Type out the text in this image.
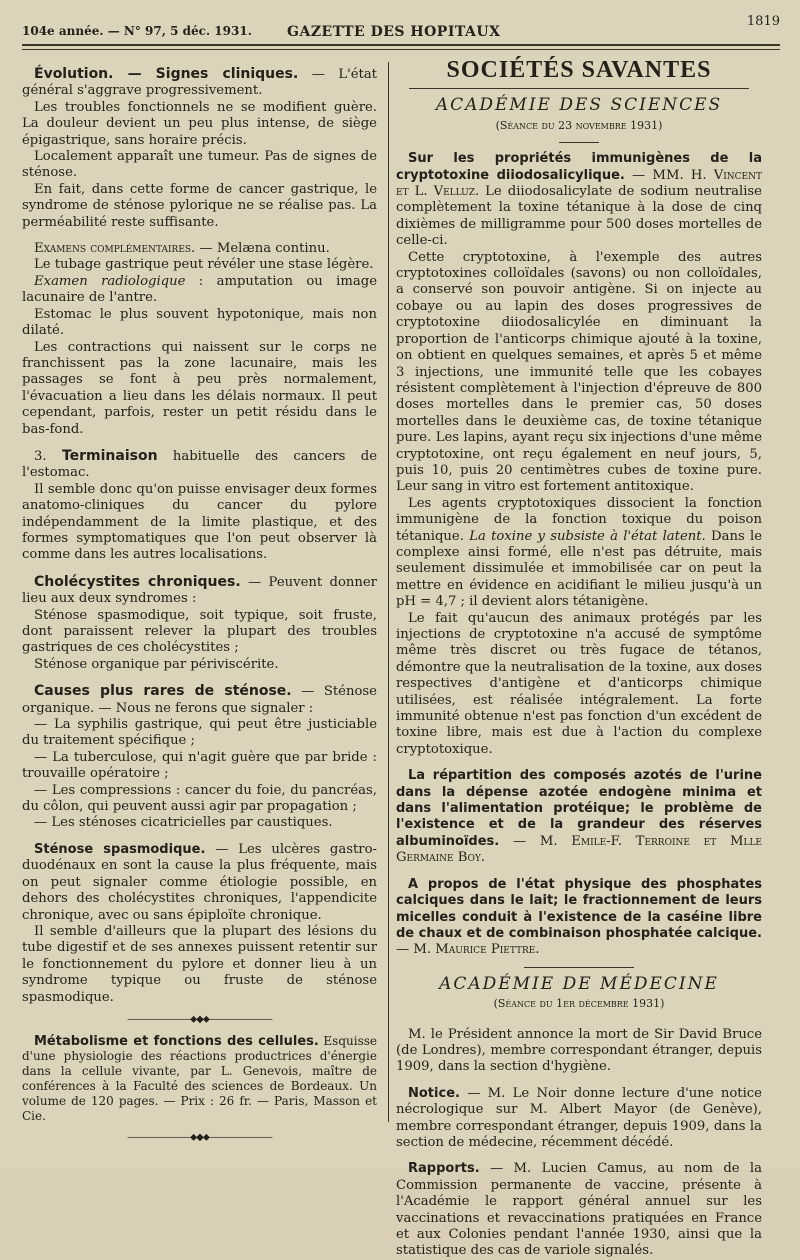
104e année. — N° 97, 5 déc. 1931.	GAZETTE DES HOPITAUX
1819

Évolution. — Signes cliniques. — L'état général s'aggrave progressivement.

Les troubles fonctionnels ne se modifient guère. La douleur devient un peu plus intense, de siège épigastrique, sans horaire précis.

Localement apparaît une tumeur. Pas de signes de sténose.

En fait, dans cette forme de cancer gastrique, le syndrome de sténose pylorique ne se réalise pas. La perméabilité reste suffisante.

Examens complémentaires. — Melæna continu.

Le tubage gastrique peut révéler une stase légère.

Examen radiologique : amputation ou image lacunaire de l'antre.

Estomac le plus souvent hypotonique, mais non dilaté.

Les contractions qui naissent sur le corps ne franchissent pas la zone lacunaire, mais les passages se font à peu près normalement, l'évacuation a lieu dans les délais normaux. Il peut cependant, parfois, rester un petit résidu dans le bas-fond.

3. Terminaison habituelle des cancers de l'estomac.

Il semble donc qu'on puisse envisager deux formes anatomo-cliniques du cancer du pylore indépendamment de la limite plastique, et des formes symptomatiques que l'on peut observer là comme dans les autres localisations.

Cholécystites chroniques. — Peuvent donner lieu aux deux syndromes :

Sténose spasmodique, soit typique, soit fruste, dont paraissent relever la plupart des troubles gastriques de ces cholécystites ;

Sténose organique par périviscérite.

Causes plus rares de sténose. — Sténose organique. — Nous ne ferons que signaler :

— La syphilis gastrique, qui peut être justiciable du traitement spécifique ;

— La tuberculose, qui n'agit guère que par bride : trouvaille opératoire ;

— Les compressions : cancer du foie, du pancréas, du côlon, qui peuvent aussi agir par propagation ;

— Les sténoses cicatricielles par caustiques.

Sténose spasmodique. — Les ulcères gastro-duodénaux en sont la cause la plus fréquente, mais on peut signaler comme étiologie possible, en dehors des cholécystites chroniques, l'appendicite chronique, avec ou sans épiploïte chronique.

Il semble d'ailleurs que la plupart des lésions du tube digestif et de ses annexes puissent retentir sur le fonctionnement du pylore et donner lieu à un syndrome typique ou fruste de sténose spasmodique.

———————⬥◆⬥———————

Métabolisme et fonctions des cellules. Esquisse d'une physiologie des réactions productrices d'énergie dans la cellule vivante, par L. Genevois, maître de conférences à la Faculté des sciences de Bordeaux. Un volume de 120 pages. — Prix : 26 fr. — Paris, Masson et Cie.

———————⬥◆⬥———————
SOCIÉTÉS SAVANTES
ACADÉMIE DES SCIENCES
(Séance du 23 novembre 1931)

Sur les propriétés immunigènes de la cryptotoxine diiodosalicylique. — MM. H. Vincent et L. Velluz. Le diiodosalicylate de sodium neutralise complètement la toxine tétanique à la dose de cinq dixièmes de milligramme pour 500 doses mortelles de celle-ci.

Cette cryptotoxine, à l'exemple des autres cryptotoxines colloïdales (savons) ou non colloïdales, a conservé son pouvoir antigène. Si on injecte au cobaye ou au lapin des doses progressives de cryptotoxine diiodosalicylée en diminuant la proportion de l'anticorps chimique ajouté à la toxine, on obtient en quelques semaines, et après 5 et même 3 injections, une immunité telle que les cobayes résistent complètement à l'injection d'épreuve de 800 doses mortelles dans le premier cas, 50 doses mortelles dans le deuxième cas, de toxine tétanique pure. Les lapins, ayant reçu six injections d'une même cryptotoxine, ont reçu également en neuf jours, 5, puis 10, puis 20 centimètres cubes de toxine pure. Leur sang in vitro est fortement antitoxique.

Les agents cryptotoxiques dissocient la fonction immunigène de la fonction toxique du poison tétanique. La toxine y subsiste à l'état latent. Dans le complexe ainsi formé, elle n'est pas détruite, mais seulement dissimulée et immobilisée car on peut la mettre en évidence en acidifiant le milieu jusqu'à un pH = 4,7 ; il devient alors tétanigène.

Le fait qu'aucun des animaux protégés par les injections de cryptotoxine n'a accusé de symptôme même très discret ou très fugace de tétanos, démontre que la neutralisation de la toxine, aux doses respectives d'antigène et d'anticorps chimique utilisées, est réalisée intégralement. La forte immunité obtenue n'est pas fonction d'un excédent de toxine libre, mais est due à l'action du complexe cryptotoxique.

La répartition des composés azotés de l'urine dans la dépense azotée endogène minima et dans l'alimentation protéique; le problème de l'existence et de la grandeur des réserves albuminoïdes. — M. Emile-F. Terroine et Mlle Germaine Boy.

A propos de l'état physique des phosphates calciques dans le lait; le fractionnement de leurs micelles conduit à l'existence de la caséine libre de chaux et de combinaison phosphatée calcique. — M. Maurice Piettre.

ACADÉMIE DE MÉDECINE
(Séance du 1er décembre 1931)

M. le Président annonce la mort de Sir David Bruce (de Londres), membre correspondant étranger, depuis 1909, dans la section d'hygiène.

Notice. — M. Le Noir donne lecture d'une notice nécrologique sur M. Albert Mayor (de Genève), membre correspondant étranger, depuis 1909, dans la section de médecine, récemment décédé.

Rapports. — M. Lucien Camus, au nom de la Commission permanente de vaccine, présente à l'Académie le rapport général annuel sur les vaccinations et revaccinations pratiquées en France et aux Colonies pendant l'année 1930, ainsi que la statistique des cas de variole signalés.
